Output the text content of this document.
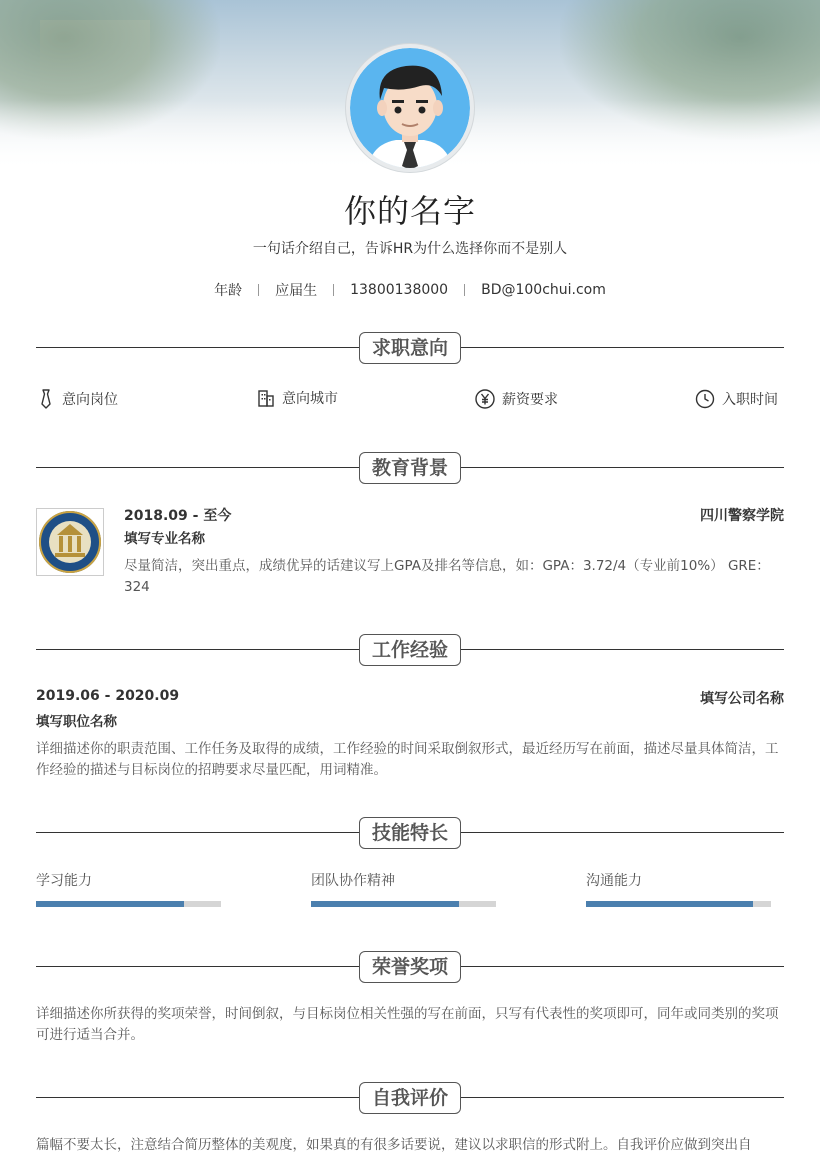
你的名字
一句话介绍自己，告诉HR为什么选择你而不是别人
年龄 应届生 13800138000 BD@100chui.com
求职意向
意向岗位	意向城市	薪资要求	入职时间
教育背景
2018.09 - 至今	四川警察学院
填写专业名称
尽量简洁，突出重点，成绩优异的话建议写上GPA及排名等信息，如：GPA：3.72/4（专业前10%） GRE：324
工作经验
2019.06 - 2020.09	填写公司名称
填写职位名称
详细描述你的职责范围、工作任务及取得的成绩，工作经验的时间采取倒叙形式，最近经历写在前面，描述尽量具体简洁，工作经验的描述与目标岗位的招聘要求尽量匹配，用词精准。
技能特长
学习能力	团队协作精神	沟通能力
荣誉奖项
详细描述你所获得的奖项荣誉，时间倒叙，与目标岗位相关性强的写在前面，只写有代表性的奖项即可，同年或同类别的奖项可进行适当合并。
自我评价
篇幅不要太长，注意结合简历整体的美观度，如果真的有很多话要说，建议以求职信的形式附上。自我评价应做到突出自
